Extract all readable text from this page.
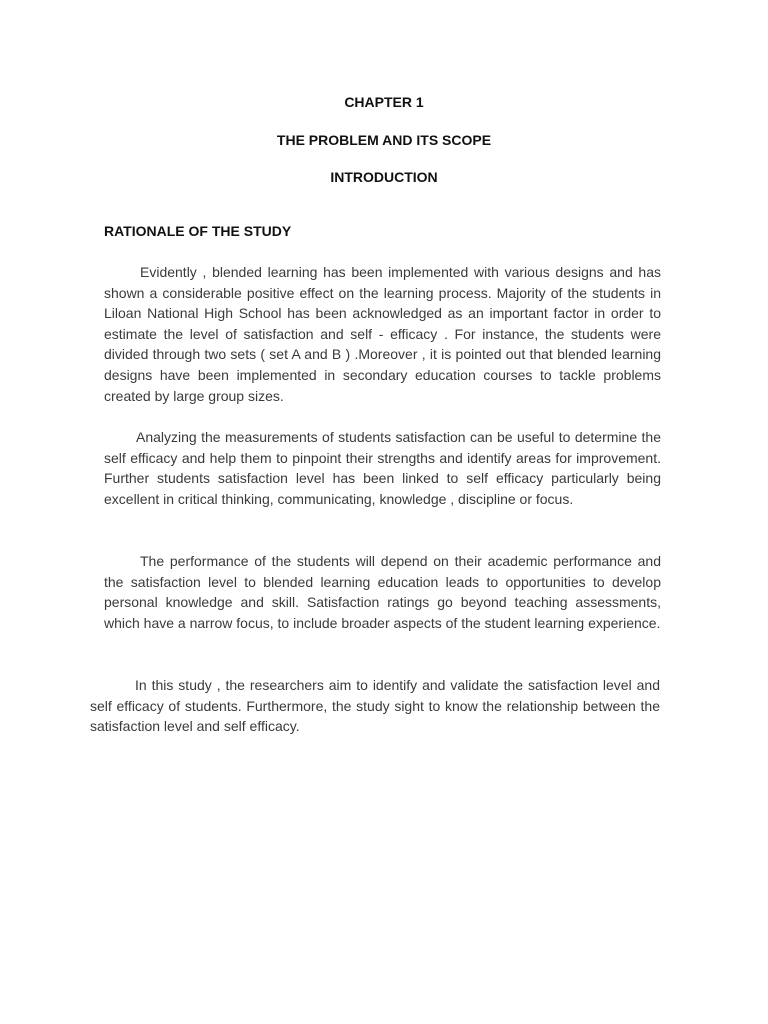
CHAPTER 1
THE PROBLEM AND ITS SCOPE
INTRODUCTION
RATIONALE OF THE STUDY

Evidently , blended learning has been implemented with various designs and has shown a considerable positive effect on the learning process. Majority of the students in Liloan National High School has been acknowledged as an important factor in order to estimate the level of satisfaction and self - efficacy . For instance, the students were divided through two sets ( set A and B ) .Moreover , it is pointed out that blended learning designs have been implemented in secondary education courses to tackle problems created by large group sizes.

Analyzing the measurements of students satisfaction can be useful to determine the self efficacy and help them to pinpoint their strengths and identify areas for improvement. Further students satisfaction level has been linked to self efficacy particularly being excellent in critical thinking, communicating, knowledge , discipline or focus.

The performance of the students will depend on their academic performance and the satisfaction level to blended learning education leads to opportunities to develop personal knowledge and skill. Satisfaction ratings go beyond teaching assessments, which have a narrow focus, to include broader aspects of the student learning experience.

In this study , the researchers aim to identify and validate the satisfaction level and self efficacy of students. Furthermore, the study sight to know the relationship between the satisfaction level and self efficacy.
